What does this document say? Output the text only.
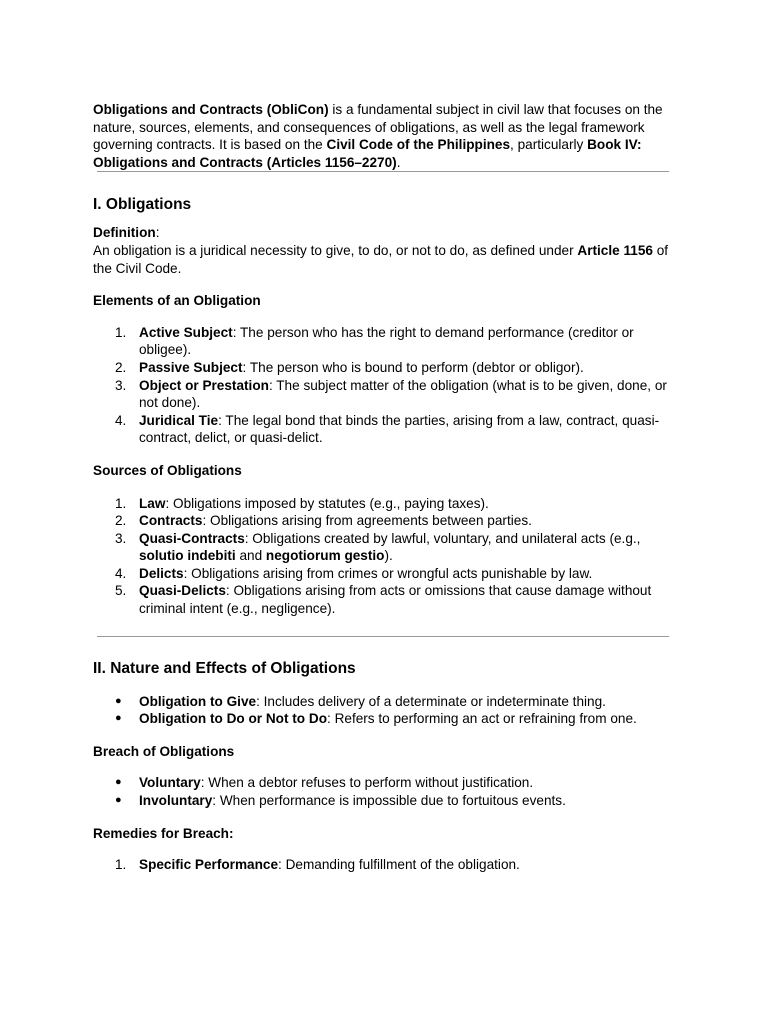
Obligations and Contracts (ObliCon) is a fundamental subject in civil law that focuses on the nature, sources, elements, and consequences of obligations, as well as the legal framework governing contracts. It is based on the Civil Code of the Philippines, particularly Book IV: Obligations and Contracts (Articles 1156–2270).

I. Obligations

Definition:
An obligation is a juridical necessity to give, to do, or not to do, as defined under Article 1156 of the Civil Code.

Elements of an Obligation

1. Active Subject: The person who has the right to demand performance (creditor or obligee).
2. Passive Subject: The person who is bound to perform (debtor or obligor).
3. Object or Prestation: The subject matter of the obligation (what is to be given, done, or not done).
4. Juridical Tie: The legal bond that binds the parties, arising from a law, contract, quasi-contract, delict, or quasi-delict.

Sources of Obligations

1. Law: Obligations imposed by statutes (e.g., paying taxes).
2. Contracts: Obligations arising from agreements between parties.
3. Quasi-Contracts: Obligations created by lawful, voluntary, and unilateral acts (e.g., solutio indebiti and negotiorum gestio).
4. Delicts: Obligations arising from crimes or wrongful acts punishable by law.
5. Quasi-Delicts: Obligations arising from acts or omissions that cause damage without criminal intent (e.g., negligence).
II. Nature and Effects of Obligations
●	Obligation to Give: Includes delivery of a determinate or indeterminate thing.
●	Obligation to Do or Not to Do: Refers to performing an act or refraining from one.

Breach of Obligations

●	Voluntary: When a debtor refuses to perform without justification.
●	Involuntary: When performance is impossible due to fortuitous events.

Remedies for Breach:

1. Specific Performance: Demanding fulfillment of the obligation.
